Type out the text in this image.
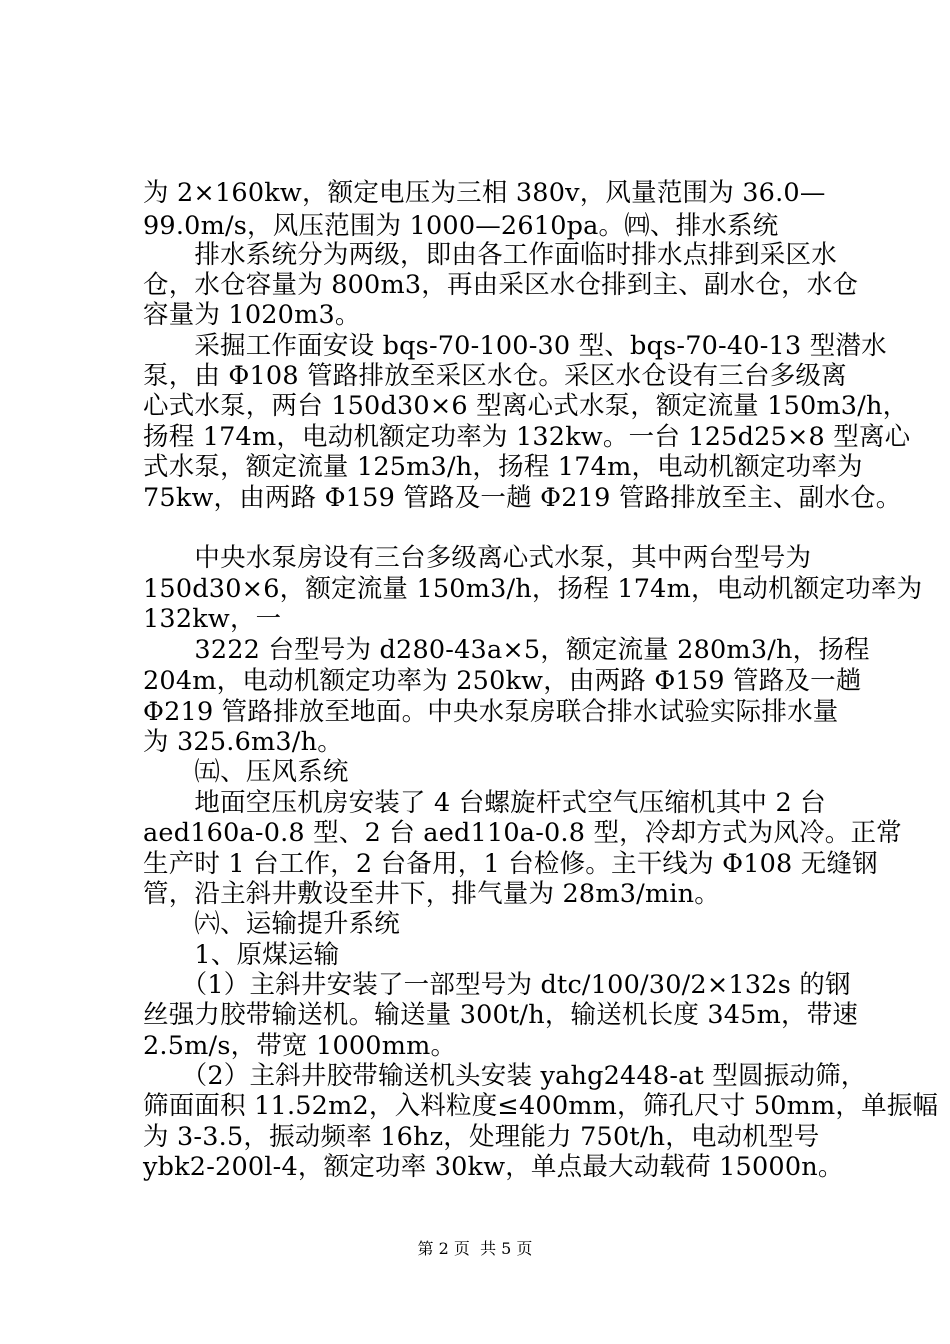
为 2×160kw，额定电压为三相 380v，风量范围为 36.0—
99.0m/s，风压范围为 1000—2610pa。㈣、排水系统
　　排水系统分为两级，即由各工作面临时排水点排到采区水
仓，水仓容量为 800m3，再由采区水仓排到主、副水仓，水仓
容量为 1020m3。
　　采掘工作面安设 bqs-70-100-30 型、bqs-70-40-13 型潜水
泵，由 Φ108 管路排放至采区水仓。采区水仓设有三台多级离
心式水泵，两台 150d30×6 型离心式水泵，额定流量 150m3/h，
扬程 174m，电动机额定功率为 132kw。一台 125d25×8 型离心
式水泵，额定流量 125m3/h，扬程 174m，电动机额定功率为
75kw，由两路 Φ159 管路及一趟 Φ219 管路排放至主、副水仓。
　　中央水泵房设有三台多级离心式水泵，其中两台型号为
150d30×6，额定流量 150m3/h，扬程 174m，电动机额定功率为
132kw，一
　　3222 台型号为 d280-43a×5，额定流量 280m3/h，扬程
204m，电动机额定功率为 250kw，由两路 Φ159 管路及一趟
Φ219 管路排放至地面。中央水泵房联合排水试验实际排水量
为 325.6m3/h。
　　㈤、压风系统
　　地面空压机房安装了 4 台螺旋杆式空气压缩机其中 2 台
aed160a-0.8 型、2 台 aed110a-0.8 型，冷却方式为风冷。正常
生产时 1 台工作，2 台备用，1 台检修。主干线为 Φ108 无缝钢
管，沿主斜井敷设至井下，排气量为 28m3/min。
　　㈥、运输提升系统
　　1、原煤运输
　　（1）主斜井安装了一部型号为 dtc/100/30/2×132s 的钢
丝强力胶带输送机。输送量 300t/h，输送机长度 345m，带速
2.5m/s，带宽 1000mm。
　　（2）主斜井胶带输送机头安装 yahg2448-at 型圆振动筛，
筛面面积 11.52m2，入料粒度≤400mm，筛孔尺寸 50mm，单振幅
为 3-3.5，振动频率 16hz，处理能力 750t/h，电动机型号
ybk2-200l-4，额定功率 30kw，单点最大动载荷 15000n。
第 2 页  共 5 页
